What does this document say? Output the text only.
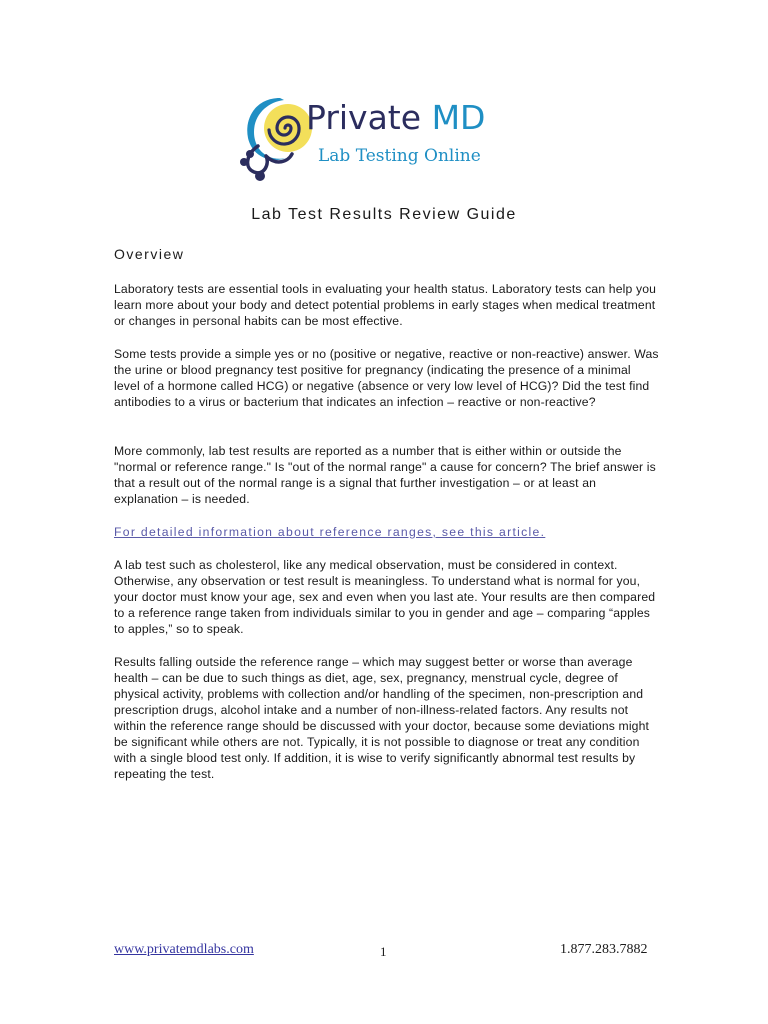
Private MD

Lab Testing Online

Lab Test Results Review Guide
Overview

Laboratory tests are essential tools in evaluating your health status. Laboratory tests can help you learn more about your body and detect potential problems in early stages when medical treatment or changes in personal habits can be most effective.

Some tests provide a simple yes or no (positive or negative, reactive or non-reactive) answer. Was the urine or blood pregnancy test positive for pregnancy (indicating the presence of a minimal level of a hormone called HCG) or negative (absence or very low level of HCG)? Did the test find antibodies to a virus or bacterium that indicates an infection – reactive or non-reactive?

More commonly, lab test results are reported as a number that is either within or outside the "normal or reference range." Is "out of the normal range" a cause for concern? The brief answer is that a result out of the normal range is a signal that further investigation – or at least an explanation – is needed.

For detailed information about reference ranges, see this article.

A lab test such as cholesterol, like any medical observation, must be considered in context. Otherwise, any observation or test result is meaningless. To understand what is normal for you, your doctor must know your age, sex and even when you last ate. Your results are then compared to a reference range taken from individuals similar to you in gender and age – comparing “apples to apples,” so to speak.

Results falling outside the reference range – which may suggest better or worse than average health – can be due to such things as diet, age, sex, pregnancy, menstrual cycle, degree of physical activity, problems with collection and/or handling of the specimen, non-prescription and prescription drugs, alcohol intake and a number of non-illness-related factors. Any results not within the reference range should be discussed with your doctor, because some deviations might be significant while others are not. Typically, it is not possible to diagnose or treat any condition with a single blood test only. If addition, it is wise to verify significantly abnormal test results by repeating the test.

www.privatemdlabs.com	1	1.877.283.7882
